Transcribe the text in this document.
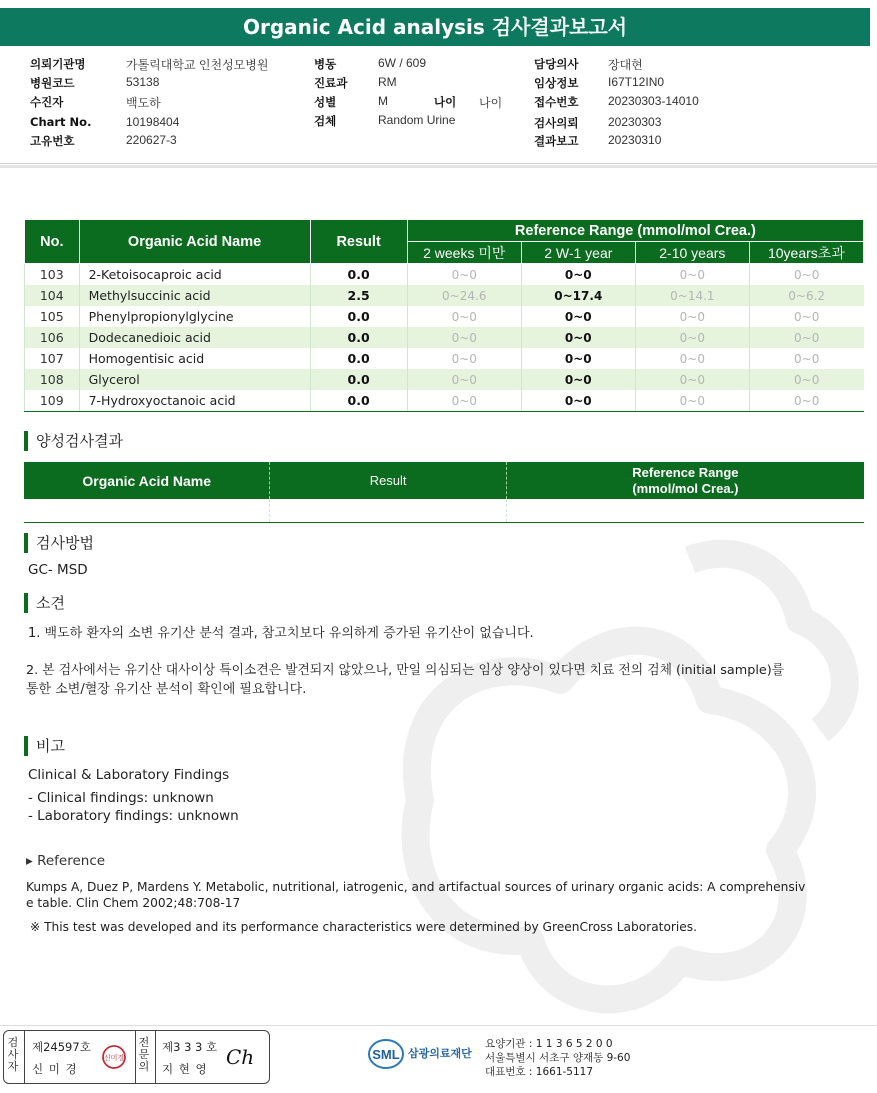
Organic Acid analysis 검사결과보고서
의뢰기관명	가톨릭대학교 인천성모병원
병원코드	53138
수진자	백도하
Chart No.	10198404
고유번호	220627-3
병동	6W / 609
진료과	RM
성별	M	나이 나이
검체	Random Urine
담당의사 장대현
임상정보 I67T12IN0
접수번호 20230303-14010
검사의뢰 20230303
결과보고 20230310
No.	Organic Acid Name	Result	Reference Range (mmol/mol Crea.)			
			2 weeks 미만	2 W-1 year	2-10 years	10years초과
103	2-Ketoisocaproic acid	0.0	0~0	0~0	0~0	0~0
104	Methylsuccinic acid	2.5	0~24.6	0~17.4	0~14.1	0~6.2
105	Phenylpropionylglycine	0.0	0~0	0~0	0~0	0~0
106	Dodecanedioic acid	0.0	0~0	0~0	0~0	0~0
107	Homogentisic acid	0.0	0~0	0~0	0~0	0~0
108	Glycerol	0.0	0~0	0~0	0~0	0~0
109	7-Hydroxyoctanoic acid	0.0	0~0	0~0	0~0	0~0
양성검사결과
Organic Acid Name	Result	Reference Range
(mmol/mol Crea.)

검사방법
GC- MSD
소견
1. 백도하 환자의 소변 유기산 분석 결과, 참고치보다 유의하게 증가된 유기산이 없습니다.
2. 본 검사에서는 유기산 대사이상 특이소견은 발견되지 않았으나, 만일 의심되는 임상 양상이 있다면 치료 전의 검체 (initial sample)를
통한 소변/혈장 유기산 분석이 확인에 필요합니다.
비고
Clinical & Laboratory Findings
- Clinical findings: unknown
- Laboratory findings: unknown
▸ Reference
Kumps A, Duez P, Mardens Y. Metabolic, nutritional, iatrogenic, and artifactual sources of urinary organic acids: A comprehensiv
e table. Clin Chem 2002;48:708-17
※ This test was developed and its performance characteristics were determined by GreenCross Laboratories.
검사자
제24597호
신 미 경
신미경
전문의
제3 3 3 호
지 현 영 Ch	SML 삼광의료재단
요양기관 : 1 1 3 6 5 2 0 0
서울특별시 서초구 양재동 9-60
대표번호 : 1661-5117
